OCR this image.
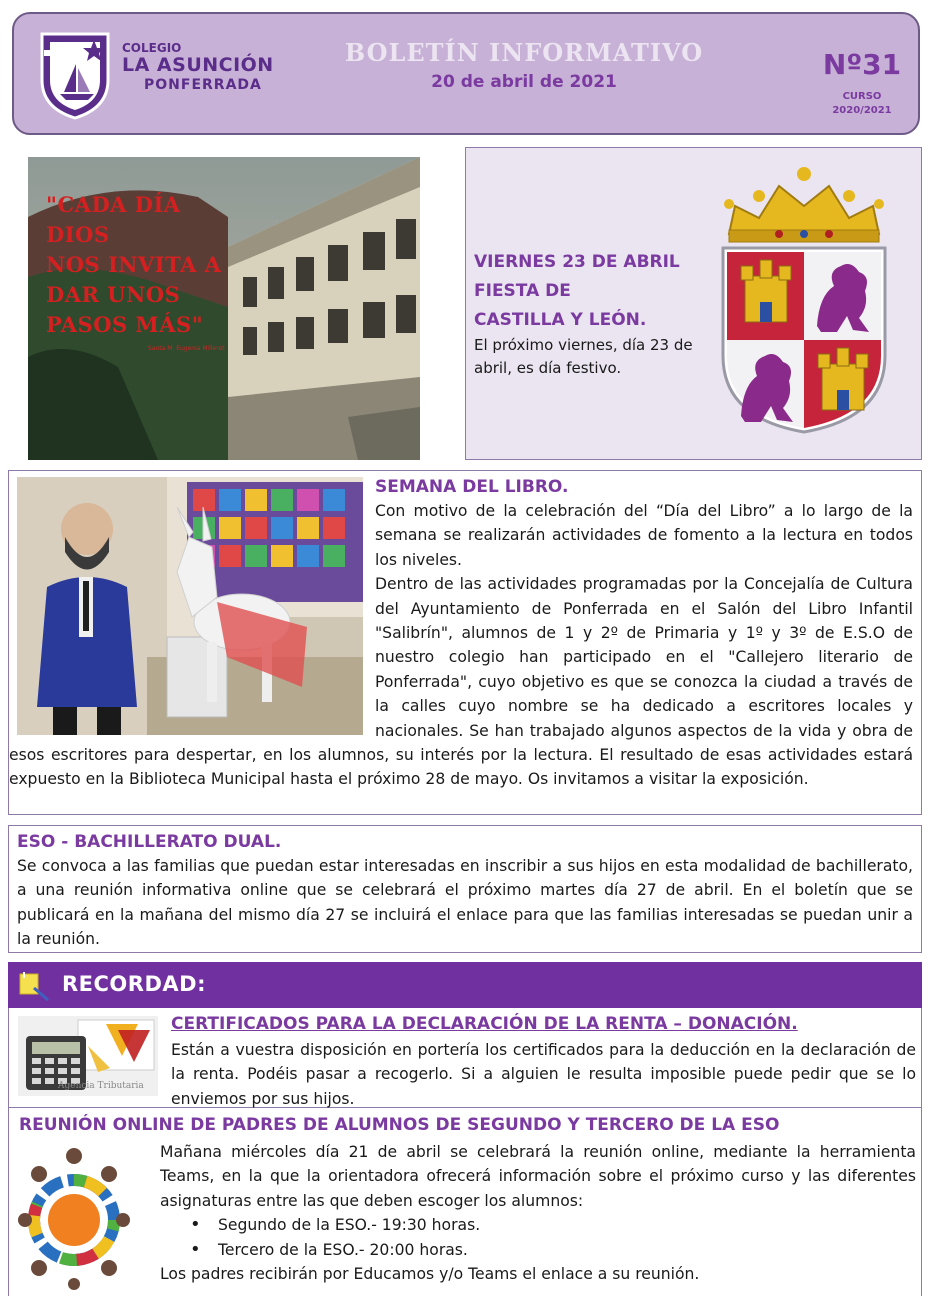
COLEGIO
LA ASUNCIÓN
PONFERRADA
BOLETÍN INFORMATIVO
20 de abril de 2021
Nº31
CURSO
2020/2021
"CADA DÍA
DIOS
NOS INVITA A
DAR UNOS
PASOS MÁS"
Santa M. Eugenia Milleret
VIERNES 23 DE ABRIL
FIESTA DE
CASTILLA Y LEÓN.
El próximo viernes, día 23 de abril, es día festivo.
SEMANA DEL LIBRO.

Con motivo de la celebración del “Día del Libro” a lo largo de la semana se realizarán actividades de fomento a la lectura en todos los niveles.

Dentro de las actividades programadas por la Concejalía de Cultura del Ayuntamiento de Ponferrada en el Salón del Libro Infantil "Salibrín", alumnos de 1 y 2º de Primaria y 1º y 3º de E.S.O de nuestro colegio han participado en el "Callejero literario de Ponferrada", cuyo objetivo es que se conozca la ciudad a través de la calles cuyo nombre se ha dedicado a escritores locales y nacionales. Se han trabajado algunos aspectos de la vida y obra de esos escritores para despertar, en los alumnos, su interés por la lectura. El resultado de esas actividades estará expuesto en la Biblioteca Municipal hasta el próximo 28 de mayo. Os invitamos a visitar la exposición.

ESO - BACHILLERATO DUAL.

Se convoca a las familias que puedan estar interesadas en inscribir a sus hijos en esta modalidad de bachillerato, a una reunión informativa online que se celebrará el próximo martes día 27 de abril. En el boletín que se publicará en la mañana del mismo día 27 se incluirá el enlace para que las familias interesadas se puedan unir a la reunión.

RECORDAD:
Agencia Tributaria
CERTIFICADOS PARA LA DECLARACIÓN DE LA RENTA – DONACIÓN.

Están a vuestra disposición en portería los certificados para la deducción en la declaración de la renta. Podéis pasar a recogerlo. Si a alguien le resulta imposible puede pedir que se lo enviemos por sus hijos.

REUNIÓN ONLINE DE PADRES DE ALUMNOS DE SEGUNDO Y TERCERO DE LA ESO

Mañana miércoles día 21 de abril se celebrará la reunión online, mediante la herramienta Teams, en la que la orientadora ofrecerá información sobre el próximo curso y las diferentes asignaturas entre las que deben escoger los alumnos:

• Segundo de la ESO.- 19:30 horas.
• Tercero de la ESO.- 20:00 horas.

Los padres recibirán por Educamos y/o Teams el enlace a su reunión.
